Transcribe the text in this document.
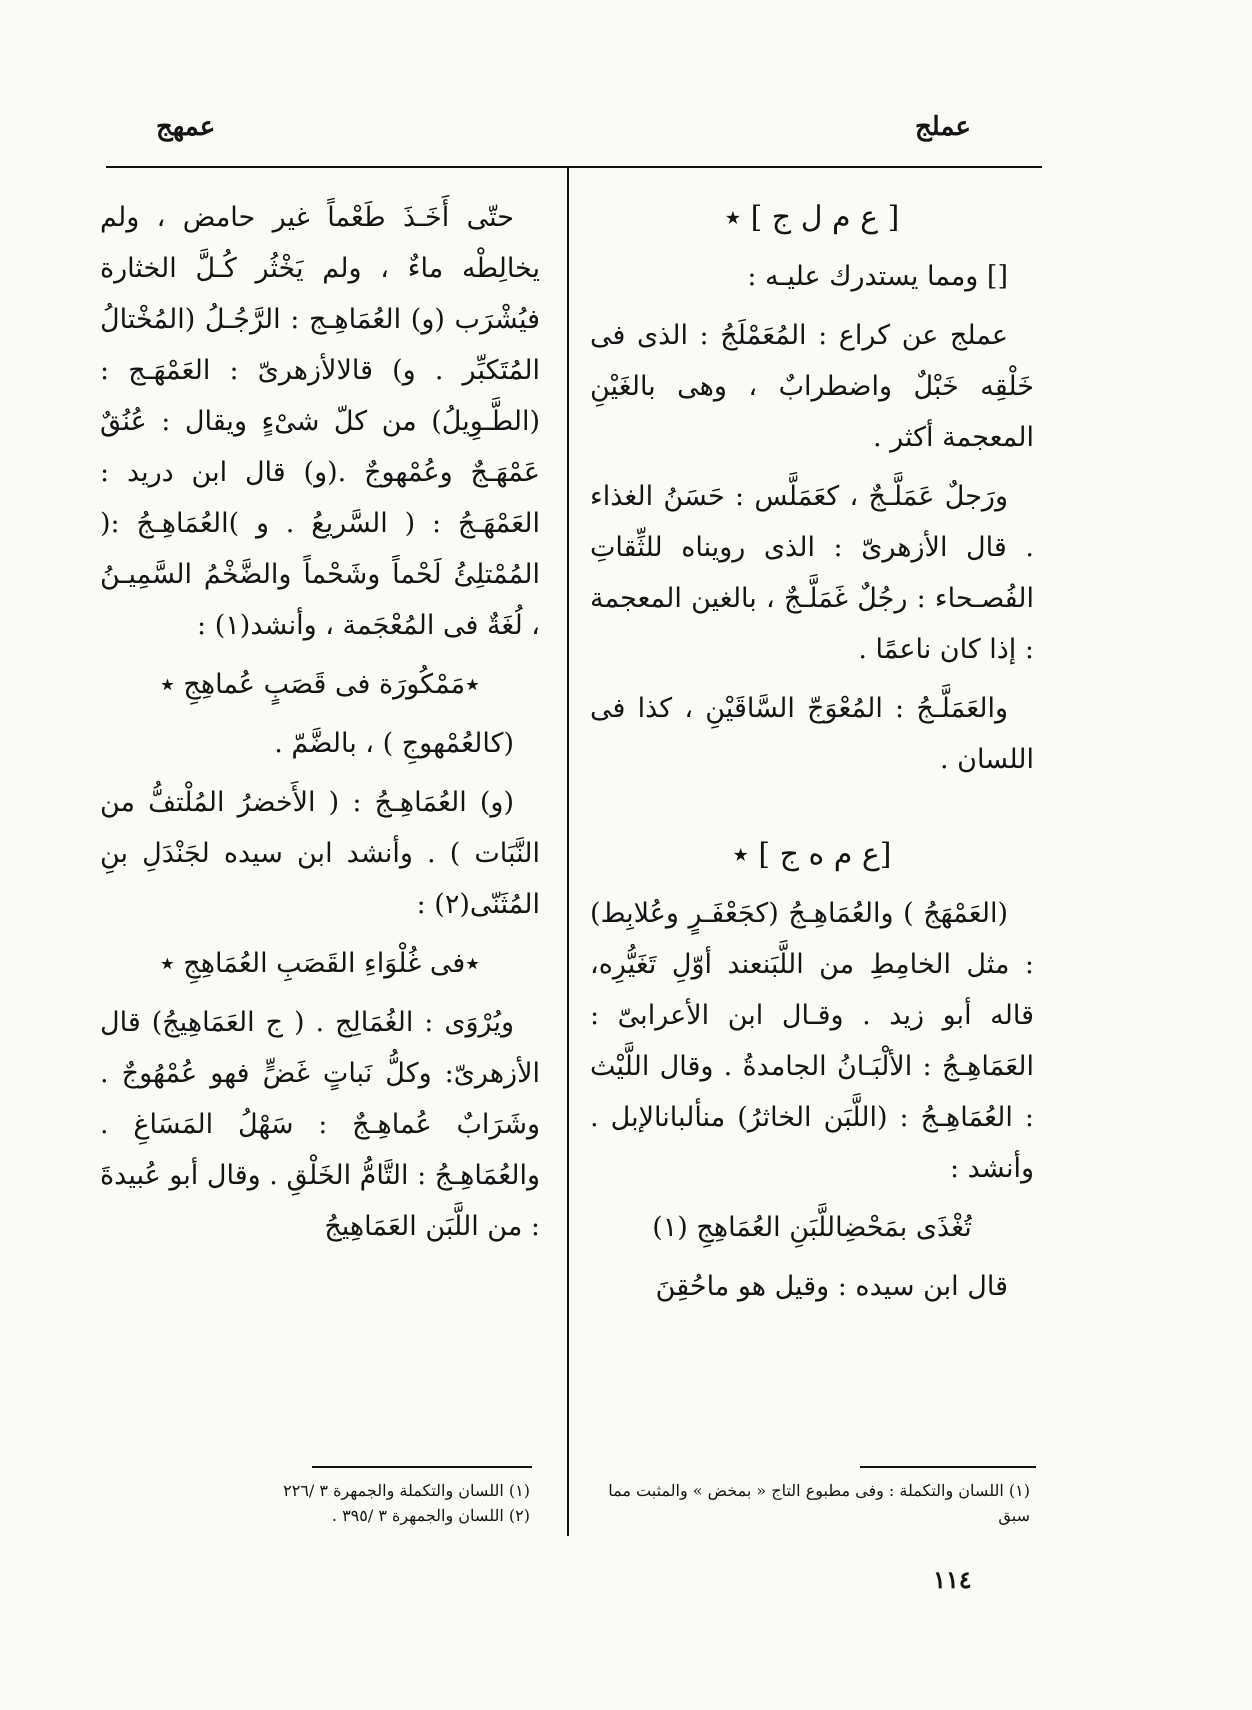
عملج
عمهج

[ ع م ل ج ] ٭

[] ومما يستدرك عليـه :

عملج عن كراع : المُعَمْلَجُ : الذى فى خَلْقِه خَبْلٌ واضطرابٌ ، وهى بالغَيْنِ المعجمة أكثر .

ورَجلٌ عَمَلَّـجٌ ، كعَمَلَّس : حَسَنُ الغذاء . قال الأزهرىّ : الذى رويناه للثِّقاتِ الفُصـحاء : رجُلٌ غَمَلَّـجٌ ، بالغين المعجمة : إذا كان ناعمًا .

والعَمَلَّـجُ : المُعْوَجّ السَّاقَيْنِ ، كذا فى اللسان .

[ع م ه ج ] ٭

(العَمْهَجُ ) والعُمَاهِـجُ (كجَعْفَـرٍ وعُلابِط) : مثل الخامِطِ من اللَّبَنعند أوّلِ تَغَيُّرِه، قاله أبو زيد . وقـال ابن الأعرابىّ : العَمَاهِـجُ : الألْبَـانُ الجامدةُ . وقال اللَّيْث : العُمَاهِـجُ : (اللَّبَن الخاثرُ) منألبانالإبل . وأنشد :

تُغْذَى بمَحْضِاللَّبَنِ العُمَاهِجِ (١)

قال ابن سيده : وقيل هو ماحُقِنَ

حتّى أَخَـذَ طَعْماً غير حامض ، ولم يخالِطْه ماءٌ ، ولم يَخْثُر كُـلَّ الخثارة فيُشْرَب (و) العُمَاهِـج : الرَّجُـلُ (المُخْتالُ المُتَكبِّر . و) قالالأزهرىّ : العَمْهَـج : (الطَّـوِيلُ) من كلّ شىْءٍ ويقال : عُنُقٌ عَمْهَـجٌ وعُمْهوجٌ .(و) قال ابن دريد : العَمْهَـجُ : ( السَّريعُ . و )العُمَاهِـجُ :( المُمْتلِئُ لَحْماً وشَحْماً والضَّخْمُ السَّمِيـنُ ، لُغَةٌ فى المُعْجَمة ، وأنشد(١) :

٭مَمْكُورَة فى قَصَبٍ عُماهِجِ ٭

(كالعُمْهوجِ ) ، بالضَّمّ .

(و) العُمَاهِـجُ : ( الأَخضرُ المُلْتفُّ من النَّبَات ) . وأنشد ابن سيده لجَنْدَلِ بنِ المُثَنّى(٢) :

٭فى غُلْوَاءِ القَصَبِ العُمَاهِجِ ٭

ويُرْوَى : الغُمَالِج . ( ج العَمَاهِيجُ) قال الأزهرىّ: وكلُّ نَباتٍ غَضٍّ فهو عُمْهُوجٌ . وشَرَابٌ عُماهِـجٌ : سَهْلُ المَسَاغِ . والعُمَاهِـجُ : التَّامُّ الخَلْقِ . وقال أبو عُبيدةَ : من اللَّبَن العَمَاهِيجُ

(١) اللسان والتكملة : وفى مطبوع التاج « بمخض » والمثبت مما سبق
(١) اللسان والتكملة والجمهرة ٣ /٢٢٦
(٢) اللسان والجمهرة ٣ /٣٩٥ .
١١٤
